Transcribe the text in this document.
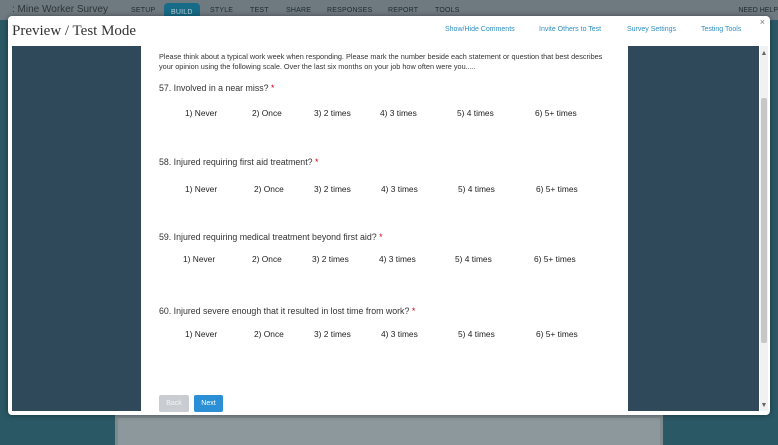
: Mine Worker Survey	SETUP	BUILD	STYLE TEST SHARE RESPONSES REPORT TOOLS	NEED HELP
Preview / Test Mode
×
Show/Hide Comments	Invite Others to Test	Survey Settings	Testing Tools
▲
▼
Please think about a typical work week when responding. Please mark the number beside each statement or question that best describes your opinion using the following scale. Over the last six months on your job how often were you.....
57. Involved in a near miss? *
1) Never	2) Once	3) 2 times	4) 3 times	5) 4 times	6) 5+ times
58. Injured requiring first aid treatment? *
1) Never	2) Once	3) 2 times	4) 3 times	5) 4 times	6) 5+ times
59. Injured requiring medical treatment beyond first aid? *
1) Never	2) Once	3) 2 times	4) 3 times	5) 4 times	6) 5+ times
60. Injured severe enough that it resulted in lost time from work? *
1) Never	2) Once	3) 2 times	4) 3 times	5) 4 times	6) 5+ times
Back	Next
